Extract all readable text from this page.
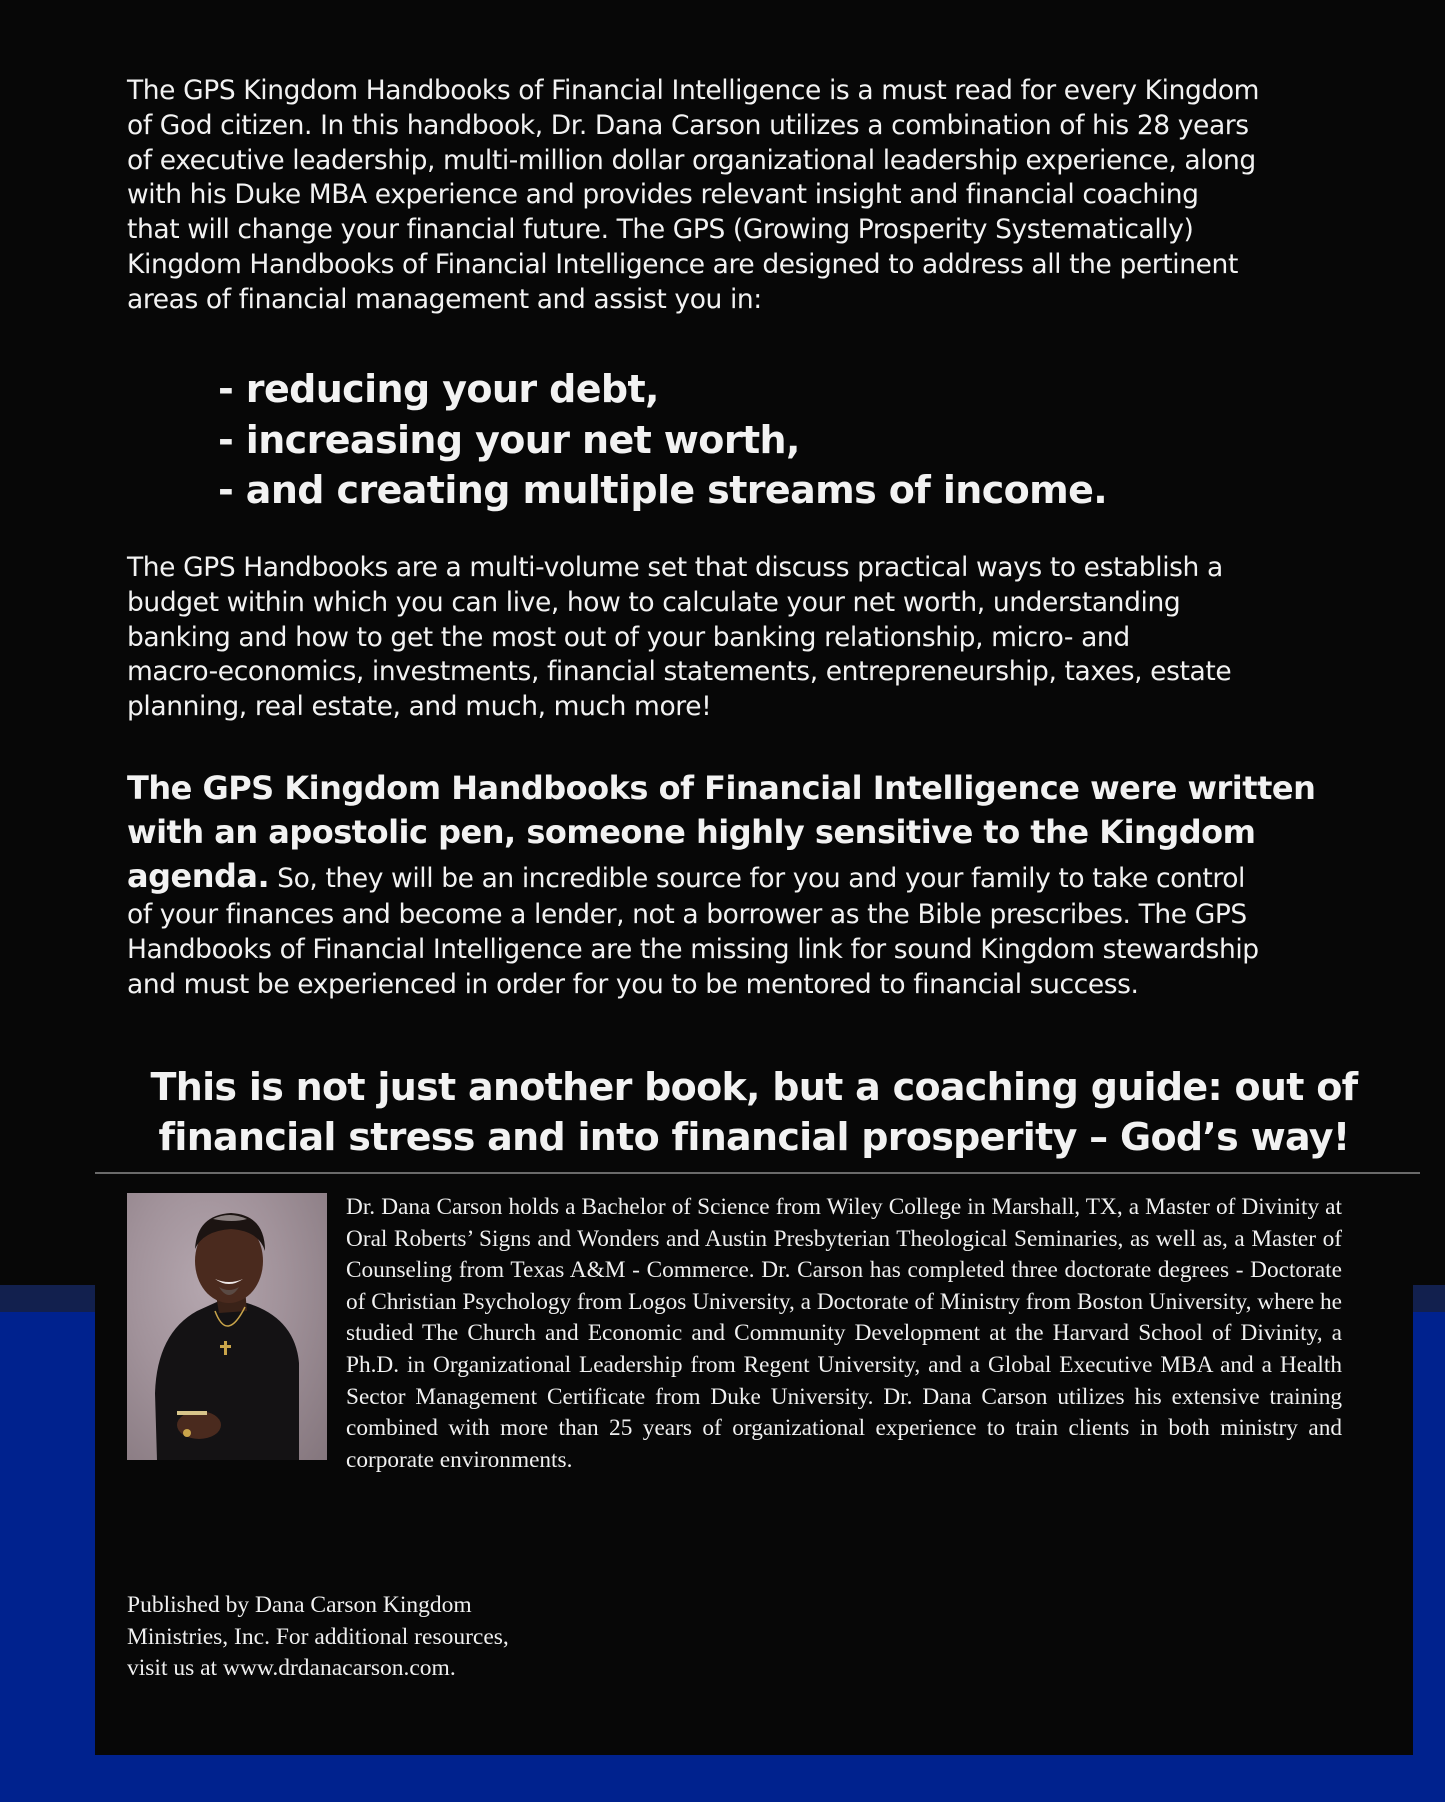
The GPS Kingdom Handbooks of Financial Intelligence is a must read for every Kingdom
of God citizen. In this handbook, Dr. Dana Carson utilizes a combination of his 28 years
of executive leadership, multi-million dollar organizational leadership experience, along
with his Duke MBA experience and provides relevant insight and financial coaching
that will change your financial future. The GPS (Growing Prosperity Systematically)
Kingdom Handbooks of Financial Intelligence are designed to address all the pertinent
areas of financial management and assist you in:

- reducing your debt,
- increasing your net worth,
- and creating multiple streams of income.

The GPS Handbooks are a multi-volume set that discuss practical ways to establish a
budget within which you can live, how to calculate your net worth, understanding
banking and how to get the most out of your banking relationship, micro- and
macro-economics, investments, financial statements, entrepreneurship, taxes, estate
planning, real estate, and much, much more!

The GPS Kingdom Handbooks of Financial Intelligence were written
with an apostolic pen, someone highly sensitive to the Kingdom
agenda. So, they will be an incredible source for you and your family to take control
of your finances and become a lender, not a borrower as the Bible prescribes. The GPS
Handbooks of Financial Intelligence are the missing link for sound Kingdom stewardship
and must be experienced in order for you to be mentored to financial success.

This is not just another book, but a coaching guide: out of
financial stress and into financial prosperity – God’s way!

Dr. Dana Carson holds a Bachelor of Science from Wiley College in Marshall, TX, a Master of Divinity at Oral Roberts’ Signs and Wonders and Austin Presbyterian Theological Seminaries, as well as, a Master of Counseling from Texas A&M - Commerce. Dr. Carson has completed three doctorate degrees - Doctorate of Christian Psychology from Logos University, a Doctorate of Ministry from Boston University, where he studied The Church and Economic and Community Development at the Harvard School of Divinity, a Ph.D. in Organizational Leadership from Regent University, and a Global Executive MBA and a Health Sector Management Certificate from Duke University. Dr. Dana Carson utilizes his extensive training combined with more than 25 years of organizational experience to train clients in both ministry and corporate environments.

Published by Dana Carson Kingdom
Ministries, Inc. For additional resources,
visit us at www.drdanacarson.com.
